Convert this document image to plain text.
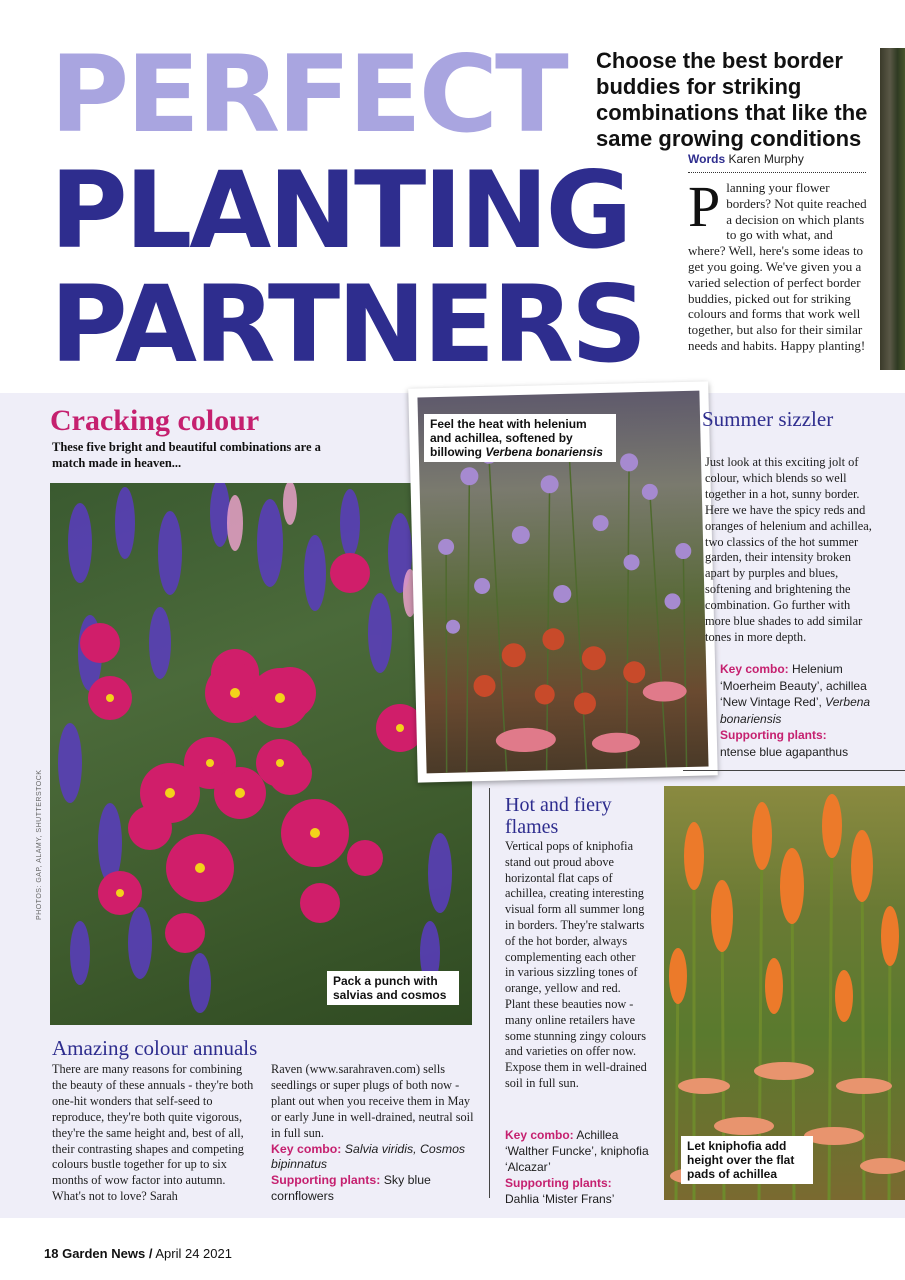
PERFECT
PLANTING
PARTNERS
Choose the best border buddies for striking combinations that like the same growing conditions
Words Karen Murphy
Planning your flower borders? Not quite reached a decision on which plants to go with what, and where? Well, here's some ideas to get you going. We've given you a varied selection of perfect border buddies, picked out for striking colours and forms that work well together, but also for their similar needs and habits. Happy planting!
Cracking colour
These five bright and beautiful combinations are a match made in heaven...
PHOTOS: GAP, ALAMY, SHUTTERSTOCK
Pack a punch with salvias and cosmos
Feel the heat with helenium and achillea, softened by billowing Verbena bonariensis
Summer sizzler
Just look at this exciting jolt of colour, which blends so well together in a hot, sunny border. Here we have the spicy reds and oranges of helenium and achillea, two classics of the hot summer garden, their intensity broken apart by purples and blues, softening and brightening the combination. Go further with more blue shades to add similar tones in more depth.
Key combo: Helenium ‘Moerheim Beauty’, achillea ‘New Vintage Red’, Verbena bonariensis
Supporting plants:
ntense blue agapanthus
Amazing colour annuals
There are many reasons for combining the beauty of these annuals - they're both one-hit wonders that self-seed to reproduce, they're both quite vigorous, they're the same height and, best of all, their contrasting shapes and competing colours bustle together for up to six months of wow factor into autumn. What's not to love? Sarah
Raven (www.sarahraven.com) sells seedlings or super plugs of both now - plant out when you receive them in May or early June in well-drained, neutral soil in full sun.
Key combo: Salvia viridis, Cosmos bipinnatus
Supporting plants: Sky blue cornflowers
Hot and fiery flames
Vertical pops of kniphofia stand out proud above horizontal flat caps of achillea, creating interesting visual form all summer long in borders. They're stalwarts of the hot border, always complementing each other in various sizzling tones of orange, yellow and red. Plant these beauties now - many online retailers have some stunning zingy colours and varieties on offer now. Expose them in well-drained soil in full sun.
Key combo: Achillea ‘Walther Funcke’, kniphofia ‘Alcazar’
Supporting plants:
Dahlia ‘Mister Frans’
Let kniphofia add height over the flat pads of achillea
18 Garden News / April 24 2021
